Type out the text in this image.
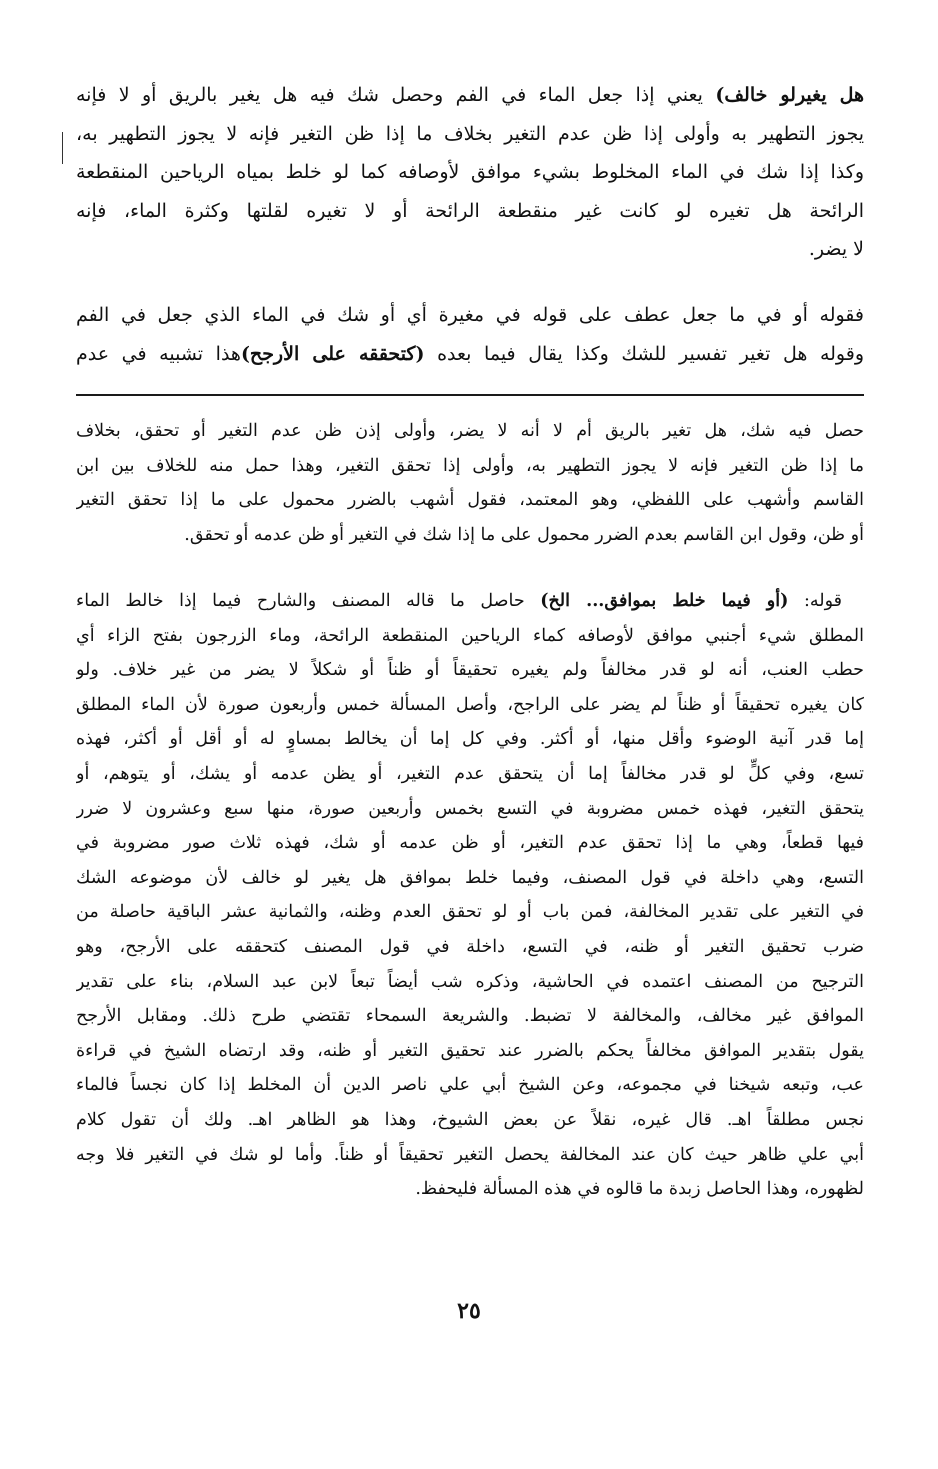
هل يغيرلو خالف) يعني إذا جعل الماء في الفم وحصل شك فيه هل يغير بالريق أو لا فإنه
يجوز التطهير به وأولى إذا ظن عدم التغير بخلاف ما إذا ظن التغير فإنه لا يجوز التطهير به،
وكذا إذا شك في الماء المخلوط بشيء موافق لأوصافه كما لو خلط بمياه الرياحين المنقطعة
الرائحة هل تغيره لو كانت غير منقطعة الرائحة أو لا تغيره لقلتها وكثرة الماء، فإنه
لا يضر.
فقوله أو في ما جعل عطف على قوله في مغيرة أي أو شك في الماء الذي جعل في الفم
وقوله هل تغير تفسير للشك وكذا يقال فيما بعده (كتحققه على الأرجح)هذا تشبيه في عدم
حصل فيه شك، هل تغير بالريق أم لا أنه لا يضر، وأولى إذن ظن عدم التغير أو تحقق، بخلاف
ما إذا ظن التغير فإنه لا يجوز التطهير به، وأولى إذا تحقق التغير، وهذا حمل منه للخلاف بين ابن
القاسم وأشهب على اللفظي، وهو المعتمد، فقول أشهب بالضرر محمول على ما إذا تحقق التغير
أو ظن، وقول ابن القاسم بعدم الضرر محمول على ما إذا شك في التغير أو ظن عدمه أو تحقق.
قوله: (أو فيما خلط بموافق... الخ) حاصل ما قاله المصنف والشارح فيما إذا خالط الماء
المطلق شيء أجنبي موافق لأوصافه كماء الرياحين المنقطعة الرائحة، وماء الزرجون بفتح الزاء أي
حطب العنب، أنه لو قدر مخالفاً ولم يغيره تحقيقاً أو ظناً أو شكلاً لا يضر من غير خلاف. ولو
كان يغيره تحقيقاً أو ظناً لم يضر على الراجح، وأصل المسألة خمس وأربعون صورة لأن الماء المطلق
إما قدر آنية الوضوء وأقل منها، أو أكثر. وفي كل إما أن يخالط بمساوٍ له أو أقل أو أكثر، فهذه
تسع، وفي كلٍّ لو قدر مخالفاً إما أن يتحقق عدم التغير، أو يظن عدمه أو يشك، أو يتوهم، أو
يتحقق التغير، فهذه خمس مضروبة في التسع بخمس وأربعين صورة، منها سبع وعشرون لا ضرر
فيها قطعاً، وهي ما إذا تحقق عدم التغير، أو ظن عدمه أو شك، فهذه ثلاث صور مضروبة في
التسع، وهي داخلة في قول المصنف، وفيما خلط بموافق هل يغير لو خالف لأن موضوعه الشك
في التغير على تقدير المخالفة، فمن باب أو لو تحقق العدم وظنه، والثمانية عشر الباقية حاصلة من
ضرب تحقيق التغير أو ظنه، في التسع، داخلة في قول المصنف كتحققه على الأرجح، وهو
الترجيح من المصنف اعتمده في الحاشية، وذكره شب أيضاً تبعاً لابن عبد السلام، بناء على تقدير
الموافق غير مخالف، والمخالفة لا تضبط. والشريعة السمحاء تقتضي طرح ذلك. ومقابل الأرجح
يقول بتقدير الموافق مخالفاً يحكم بالضرر عند تحقيق التغير أو ظنه، وقد ارتضاه الشيخ في قراءة
عب، وتبعه شيخنا في مجموعه، وعن الشيخ أبي علي ناصر الدين أن المخلط إذا كان نجساً فالماء
نجس مطلقاً اهـ. قال غيره، نقلاً عن بعض الشيوخ، وهذا هو الظاهر اهـ. ولك أن تقول كلام
أبي علي ظاهر حيث كان عند المخالفة يحصل التغير تحقيقاً أو ظناً. وأما لو شك في التغير فلا وجه
لظهوره، وهذا الحاصل زبدة ما قالوه في هذه المسألة فليحفظ.
٢٥
